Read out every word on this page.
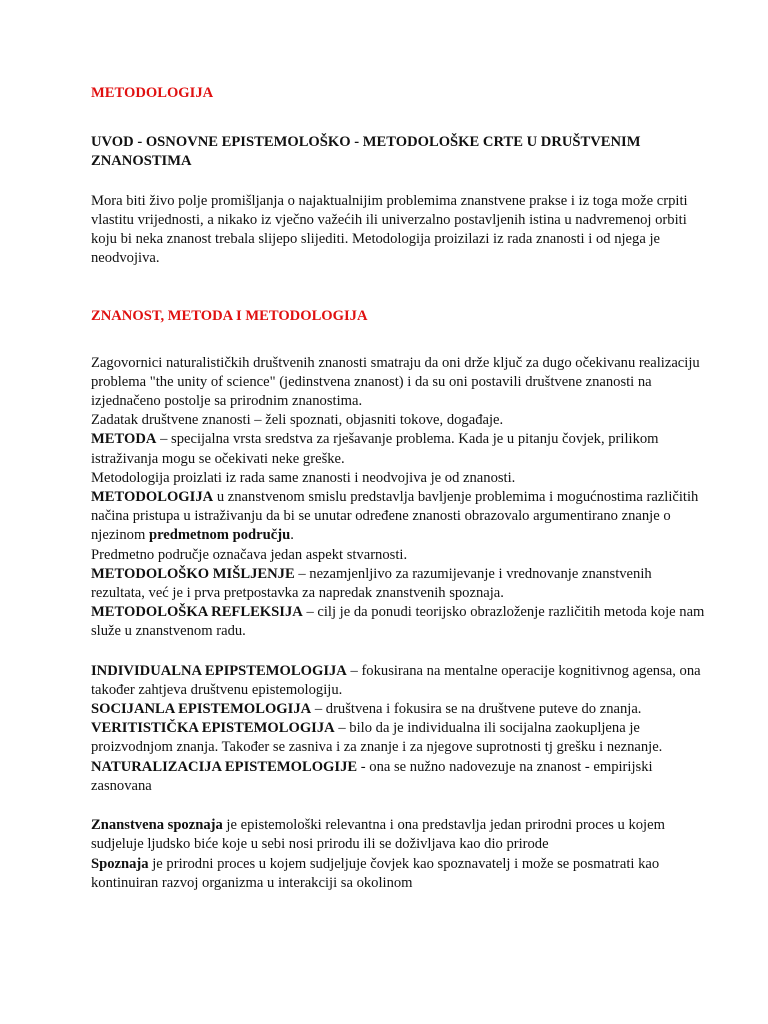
METODOLOGIJA

UVOD - OSNOVNE EPISTEMOLOŠKO - METODOLOŠKE CRTE U DRUŠTVENIM ZNANOSTIMA

Mora biti živo polje promišljanja o najaktualnijim problemima znanstvene prakse i iz toga može crpiti vlastitu vrijednosti, a nikako iz vječno važećih ili univerzalno postavljenih istina u nadvremenoj orbiti koju bi neka znanost trebala slijepo slijediti. Metodologija proizilazi iz rada znanosti i od njega je neodvojiva.

ZNANOST, METODA I METODOLOGIJA

Zagovornici naturalističkih društvenih znanosti smatraju da oni drže ključ za dugo očekivanu realizaciju problema "the unity of science" (jedinstvena znanost) i da su oni postavili društvene znanosti na izjednačeno postolje sa prirodnim znanostima.

Zadatak društvene znanosti – želi spoznati, objasniti tokove, događaje.

METODA – specijalna vrsta sredstva za rješavanje problema. Kada je u pitanju čovjek, prilikom istraživanja mogu se očekivati neke greške.

Metodologija proizlati iz rada same znanosti i neodvojiva je od znanosti.

METODOLOGIJA u znanstvenom smislu predstavlja bavljenje problemima i mogućnostima različitih načina pristupa u istraživanju da bi se unutar određene znanosti obrazovalo argumentirano znanje o njezinom predmetnom području.

Predmetno područje označava jedan aspekt stvarnosti.

METODOLOŠKO MIŠLJENJE – nezamjenljivo za razumijevanje i vrednovanje znanstvenih rezultata, već je i prva pretpostavka za napredak znanstvenih spoznaja.

METODOLOŠKA REFLEKSIJA – cilj je da ponudi teorijsko obrazloženje različitih metoda koje nam služe u znanstvenom radu.

INDIVIDUALNA EPIPSTEMOLOGIJA – fokusirana na mentalne operacije kognitivnog agensa, ona također zahtjeva društvenu epistemologiju.

SOCIJANLA EPISTEMOLOGIJA – društvena i fokusira se na društvene puteve do znanja.

VERITISTIČKA EPISTEMOLOGIJA – bilo da je individualna ili socijalna zaokupljena je proizvodnjom znanja. Također se zasniva i za znanje i za njegove suprotnosti tj grešku i neznanje.

NATURALIZACIJA EPISTEMOLOGIJE - ona se nužno nadovezuje na znanost - empirijski zasnovana

Znanstvena spoznaja je epistemološki relevantna i ona predstavlja jedan prirodni proces u kojem sudjeluje ljudsko biće koje u sebi nosi prirodu ili se doživljava kao dio prirode

Spoznaja je prirodni proces u kojem sudjeljuje čovjek kao spoznavatelj i može se posmatrati kao kontinuiran razvoj organizma u interakciji sa okolinom
